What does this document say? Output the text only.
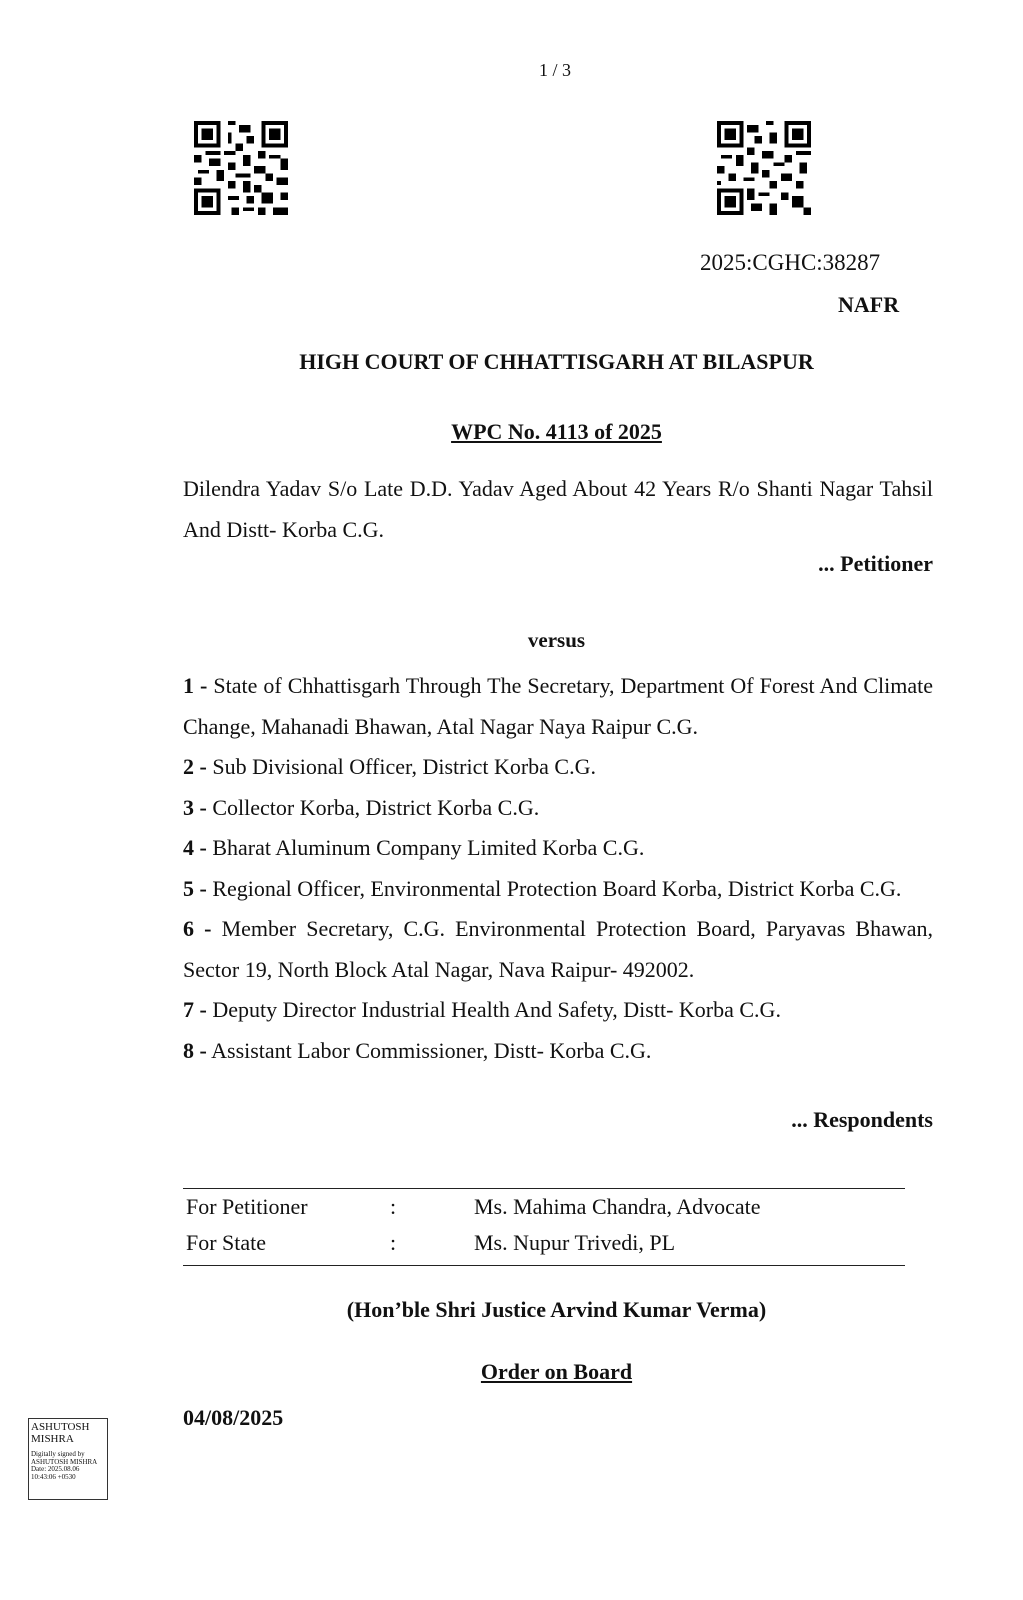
1 / 3
2025:CGHC:38287
NAFR
HIGH COURT OF CHHATTISGARH AT BILASPUR
WPC No. 4113 of 2025
Dilendra Yadav S/o Late D.D. Yadav Aged About 42 Years R/o Shanti Nagar Tahsil And Distt- Korba C.G.
... Petitioner
versus

1 - State of Chhattisgarh Through The Secretary, Department Of Forest And Climate Change, Mahanadi Bhawan, Atal Nagar Naya Raipur C.G.

2 - Sub Divisional Officer, District Korba C.G.

3 - Collector Korba, District Korba C.G.

4 - Bharat Aluminum Company Limited Korba C.G.

5 - Regional Officer, Environmental Protection Board Korba, District Korba C.G.

6 - Member Secretary, C.G. Environmental Protection Board, Paryavas Bhawan, Sector 19, North Block Atal Nagar, Nava Raipur- 492002.

7 - Deputy Director Industrial Health And Safety, Distt- Korba C.G.

8 - Assistant Labor Commissioner, Distt- Korba C.G.

... Respondents
For Petitioner	:	Ms. Mahima Chandra, Advocate
For State	:	Ms. Nupur Trivedi, PL
(Hon’ble Shri Justice Arvind Kumar Verma)
Order on Board
04/08/2025
ASHUTOSH
MISHRA
Digitally signed by
ASHUTOSH MISHRA
Date: 2025.08.06
10:43:06 +0530
